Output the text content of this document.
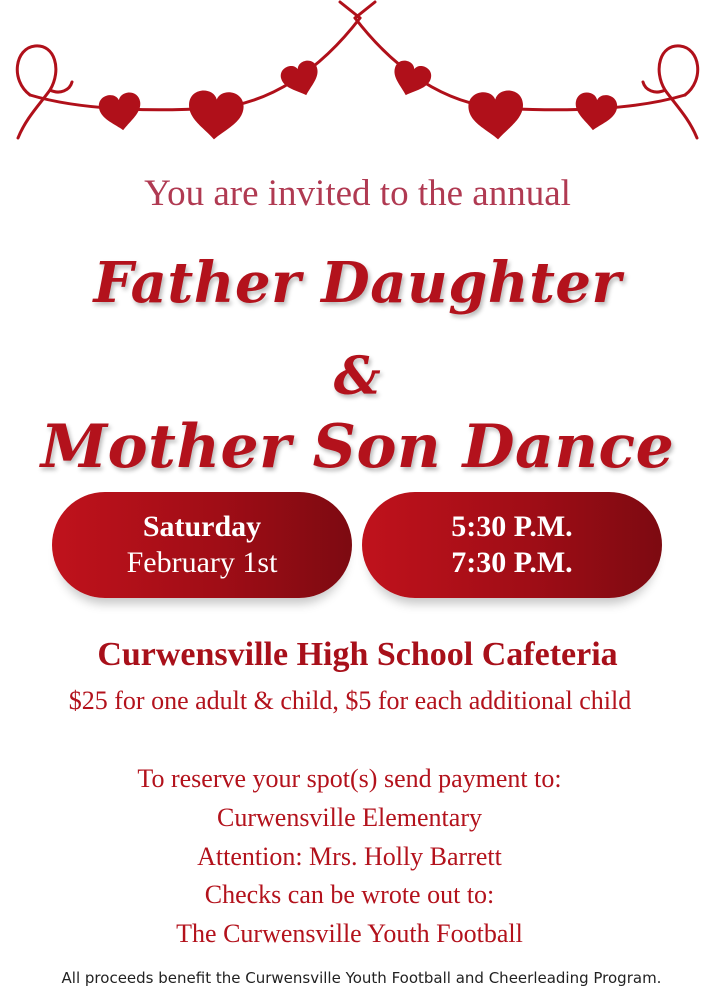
You are invited to the annual
Father Daughter
&
Mother Son Dance
Saturday
February 1st
5:30 P.M.
7:30 P.M.
Curwensville High School Cafeteria
$25 for one adult & child, $5 for each additional child
To reserve your spot(s) send payment to:
Curwensville Elementary
Attention: Mrs. Holly Barrett
Checks can be wrote out to:
The Curwensville Youth Football
All proceeds benefit the Curwensville Youth Football and Cheerleading Program.
